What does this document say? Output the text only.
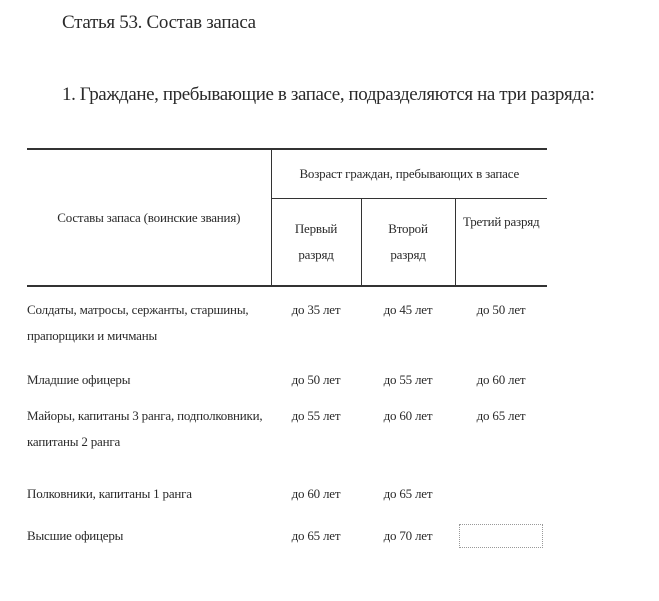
Статья 53. Состав запаса
1. Граждане, пребывающие в запасе, подразделяются на три разряда:
Составы запаса (воинские звания)	Возраст граждан, пребывающих в запасе		

	Первый разряд	Второй разряд	Третий разряд
Солдаты, матросы, сержанты, старшины, прапорщики и мичманы	до 35 лет	до 45 лет	до 50 лет
Младшие офицеры	до 50 лет	до 55 лет	до 60 лет
Майоры, капитаны 3 ранга, подполковники, капитаны 2 ранга	до 55 лет	до 60 лет	до 65 лет
Полковники, капитаны 1 ранга	до 60 лет	до 65 лет	
Высшие офицеры	до 65 лет	до 70 лет	
